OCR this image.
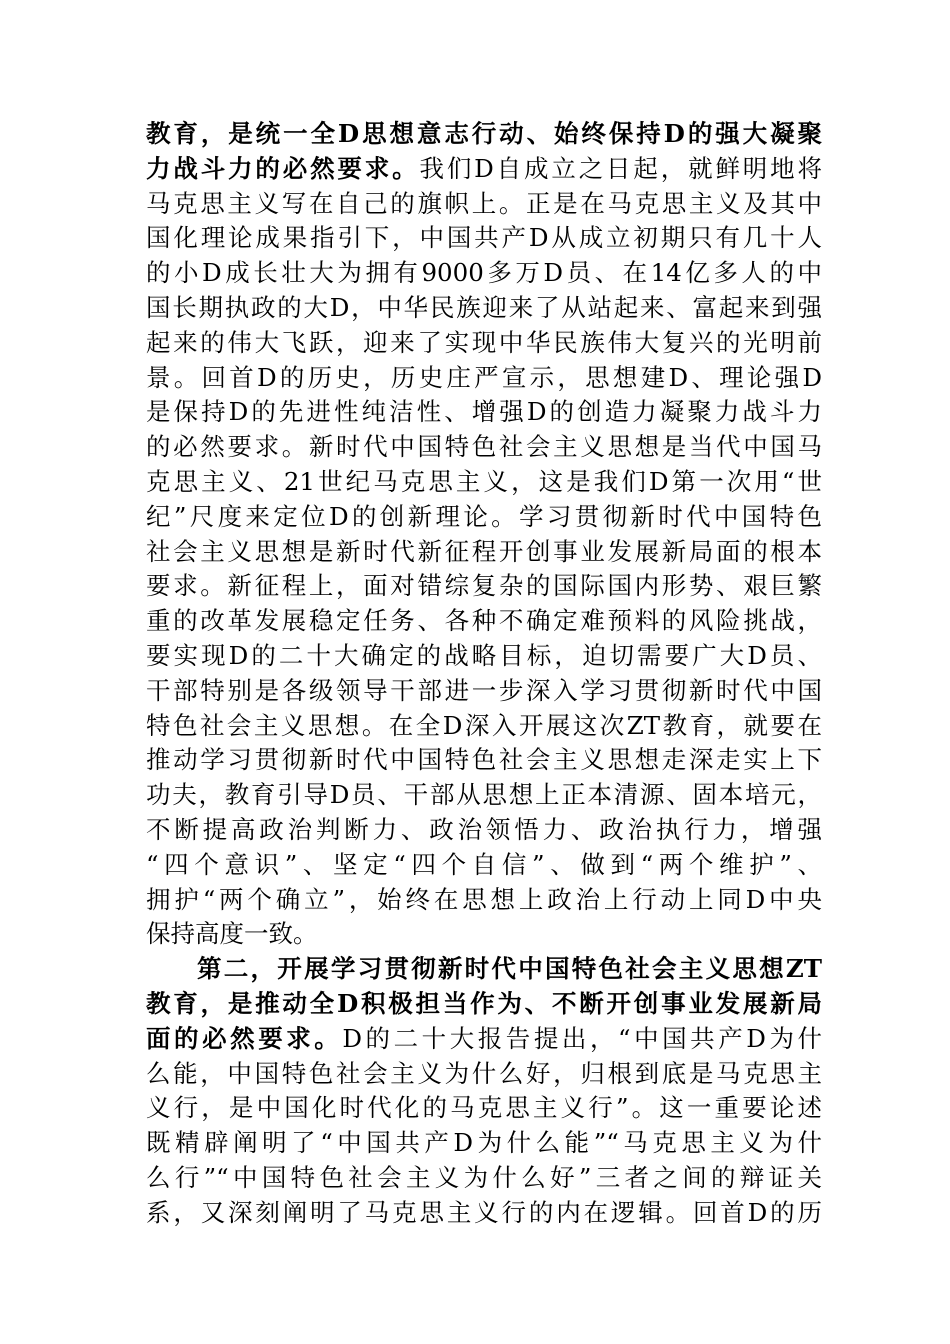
教育，是统一全D思想意志行动、始终保持D的强大凝聚
力战斗力的必然要求。我们D自成立之日起，就鲜明地将
马克思主义写在自己的旗帜上。正是在马克思主义及其中
国化理论成果指引下，中国共产D从成立初期只有几十人
的小D成长壮大为拥有9000多万D员、在14亿多人的中
国长期执政的大D，中华民族迎来了从站起来、富起来到强
起来的伟大飞跃，迎来了实现中华民族伟大复兴的光明前
景。回首D的历史，历史庄严宣示，思想建D、理论强D
是保持D的先进性纯洁性、增强D的创造力凝聚力战斗力
的必然要求。新时代中国特色社会主义思想是当代中国马
克思主义、21世纪马克思主义，这是我们D第一次用“世
纪”尺度来定位D的创新理论。学习贯彻新时代中国特色
社会主义思想是新时代新征程开创事业发展新局面的根本
要求。新征程上，面对错综复杂的国际国内形势、艰巨繁
重的改革发展稳定任务、各种不确定难预料的风险挑战，
要实现D的二十大确定的战略目标，迫切需要广大D员、
干部特别是各级领导干部进一步深入学习贯彻新时代中国
特色社会主义思想。在全D深入开展这次ZT教育，就要在
推动学习贯彻新时代中国特色社会主义思想走深走实上下
功夫，教育引导D员、干部从思想上正本清源、固本培元，
不断提高政治判断力、政治领悟力、政治执行力，增强
“四个意识”、坚定“四个自信”、做到“两个维护”、
拥护“两个确立”，始终在思想上政治上行动上同D中央
保持高度一致。
第二，开展学习贯彻新时代中国特色社会主义思想ZT
教育，是推动全D积极担当作为、不断开创事业发展新局
面的必然要求。D的二十大报告提出，“中国共产D为什
么能，中国特色社会主义为什么好，归根到底是马克思主
义行，是中国化时代化的马克思主义行”。这一重要论述
既精辟阐明了“中国共产D为什么能”“马克思主义为什
么行”“中国特色社会主义为什么好”三者之间的辩证关
系，又深刻阐明了马克思主义行的内在逻辑。回首D的历
